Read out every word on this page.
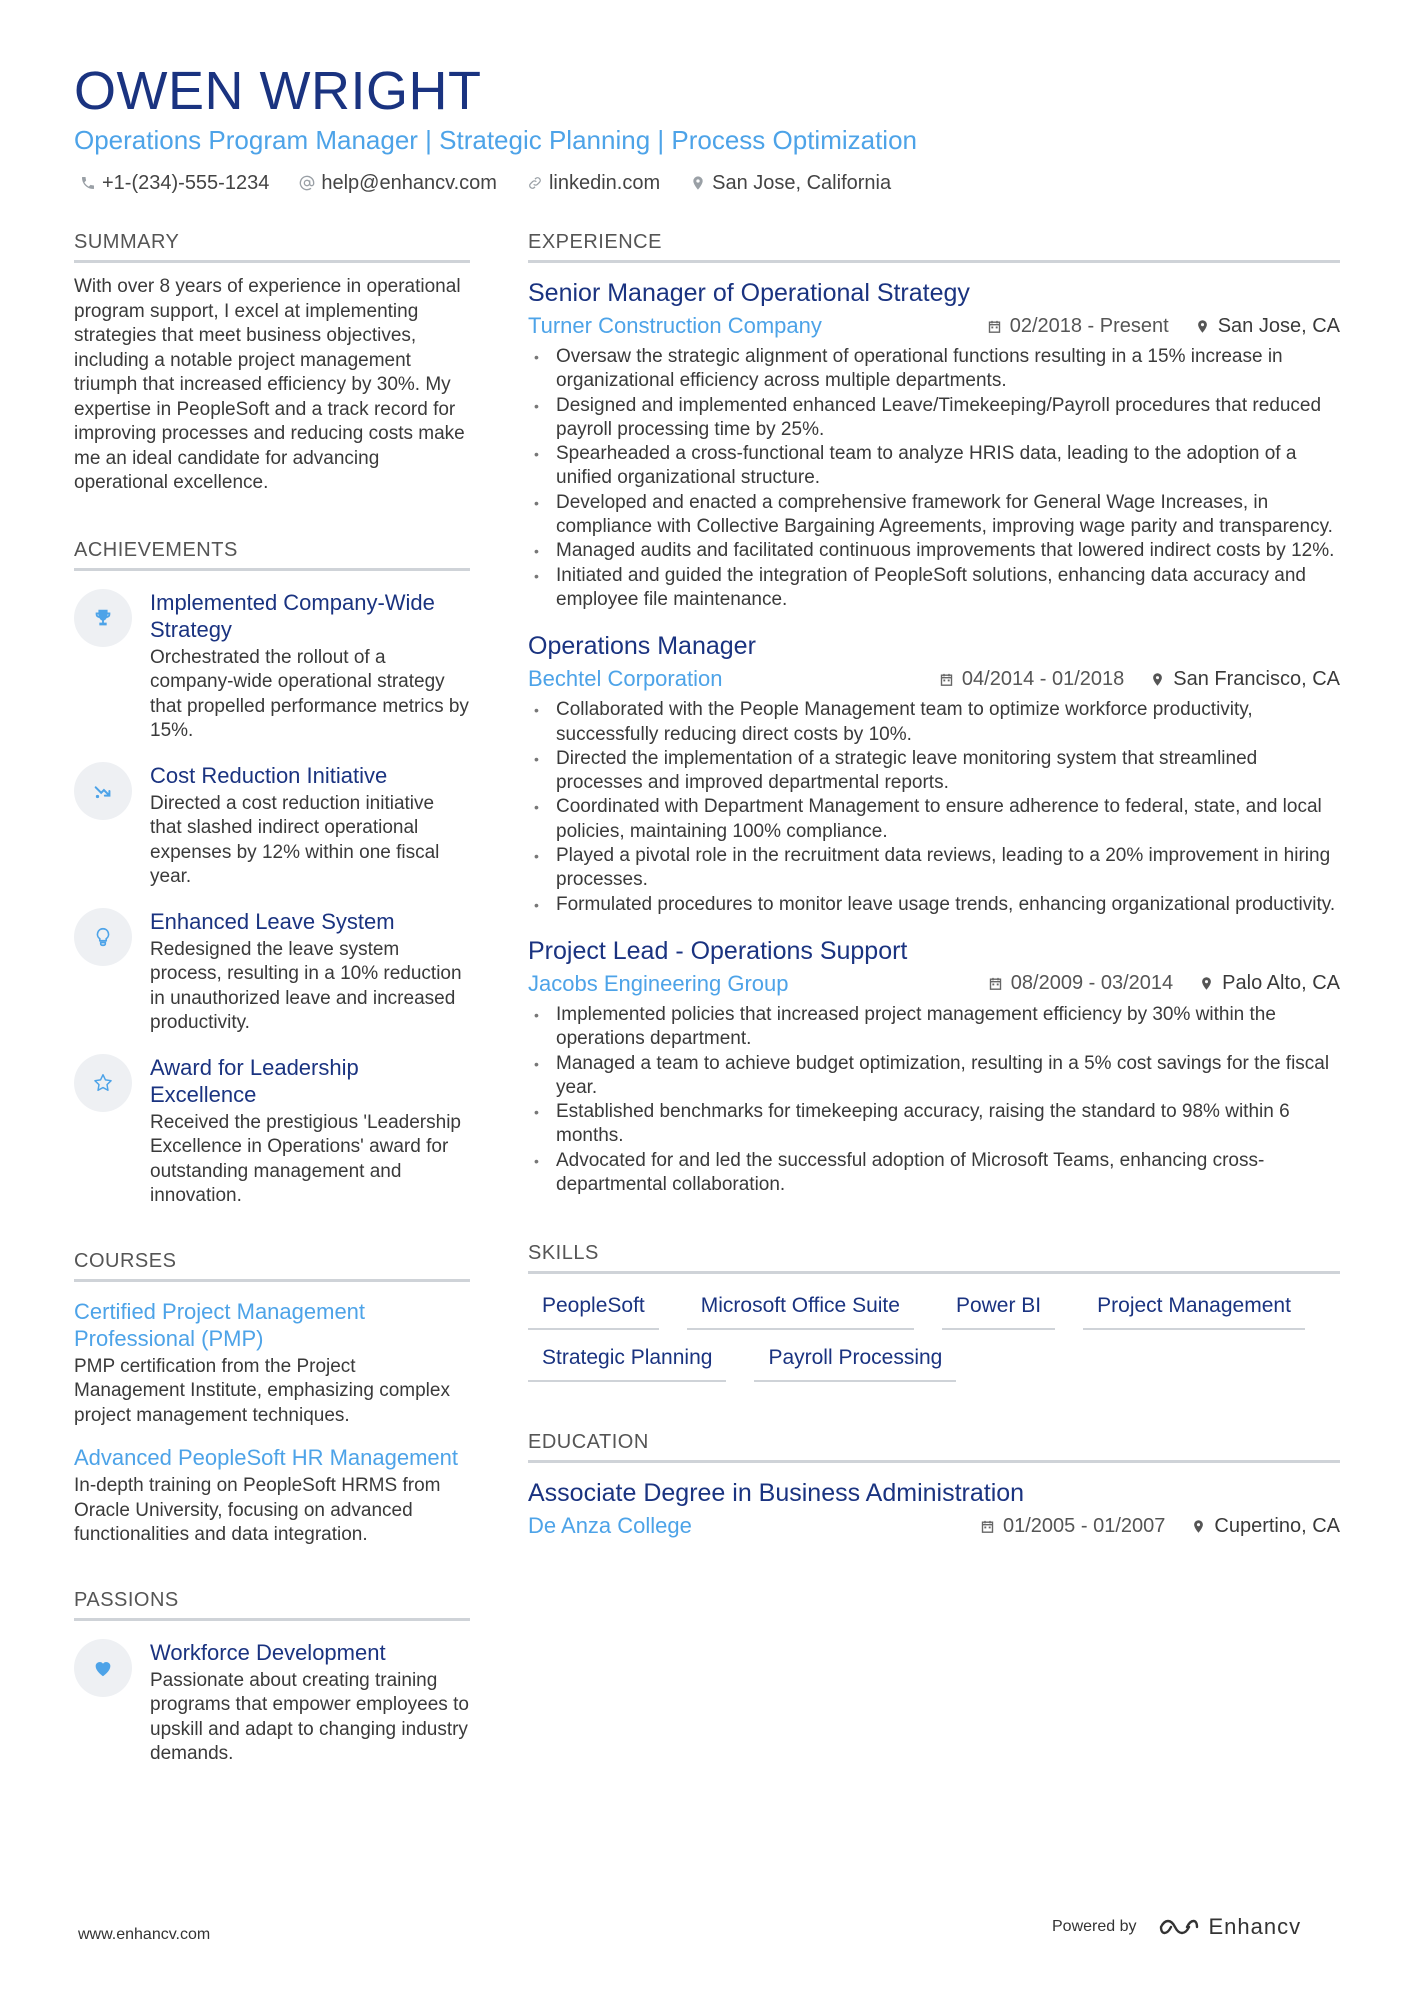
OWEN WRIGHT
Operations Program Manager | Strategic Planning | Process Optimization
+1-(234)-555-1234	help@enhancv.com	linkedin.com	San Jose, California
SUMMARY
With over 8 years of experience in operational program support, I excel at implementing strategies that meet business objectives, including a notable project management triumph that increased efficiency by 30%. My expertise in PeopleSoft and a track record for improving processes and reducing costs make me an ideal candidate for advancing operational excellence.
ACHIEVEMENTS
Implemented Company-Wide Strategy
Orchestrated the rollout of a company-wide operational strategy that propelled performance metrics by 15%.
Cost Reduction Initiative
Directed a cost reduction initiative that slashed indirect operational expenses by 12% within one fiscal year.
Enhanced Leave System
Redesigned the leave system process, resulting in a 10% reduction in unauthorized leave and increased productivity.
Award for Leadership Excellence
Received the prestigious 'Leadership Excellence in Operations' award for outstanding management and innovation.
COURSES
Certified Project Management Professional (PMP)
PMP certification from the Project Management Institute, emphasizing complex project management techniques.
Advanced PeopleSoft HR Management
In-depth training on PeopleSoft HRMS from Oracle University, focusing on advanced functionalities and data integration.
PASSIONS
Workforce Development
Passionate about creating training programs that empower employees to upskill and adapt to changing industry demands.
EXPERIENCE
Senior Manager of Operational Strategy
Turner Construction Company	02/2018 - Present San Jose, CA
• Oversaw the strategic alignment of operational functions resulting in a 15% increase in organizational efficiency across multiple departments.
• Designed and implemented enhanced Leave/Timekeeping/Payroll procedures that reduced payroll processing time by 25%.
• Spearheaded a cross-functional team to analyze HRIS data, leading to the adoption of a unified organizational structure.
• Developed and enacted a comprehensive framework for General Wage Increases, in compliance with Collective Bargaining Agreements, improving wage parity and transparency.
• Managed audits and facilitated continuous improvements that lowered indirect costs by 12%.
• Initiated and guided the integration of PeopleSoft solutions, enhancing data accuracy and employee file maintenance.
Operations Manager
Bechtel Corporation	04/2014 - 01/2018 San Francisco, CA
• Collaborated with the People Management team to optimize workforce productivity, successfully reducing direct costs by 10%.
• Directed the implementation of a strategic leave monitoring system that streamlined processes and improved departmental reports.
• Coordinated with Department Management to ensure adherence to federal, state, and local policies, maintaining 100% compliance.
• Played a pivotal role in the recruitment data reviews, leading to a 20% improvement in hiring processes.
• Formulated procedures to monitor leave usage trends, enhancing organizational productivity.
Project Lead - Operations Support
Jacobs Engineering Group	08/2009 - 03/2014 Palo Alto, CA
• Implemented policies that increased project management efficiency by 30% within the operations department.
• Managed a team to achieve budget optimization, resulting in a 5% cost savings for the fiscal year.
• Established benchmarks for timekeeping accuracy, raising the standard to 98% within 6 months.
• Advocated for and led the successful adoption of Microsoft Teams, enhancing cross-departmental collaboration.
SKILLS
PeopleSoft	Microsoft Office Suite	Power BI	Project Management
Strategic Planning	Payroll Processing
EDUCATION
Associate Degree in Business Administration
De Anza College	01/2005 - 01/2007 Cupertino, CA
www.enhancv.com	Powered by	Enhancv
